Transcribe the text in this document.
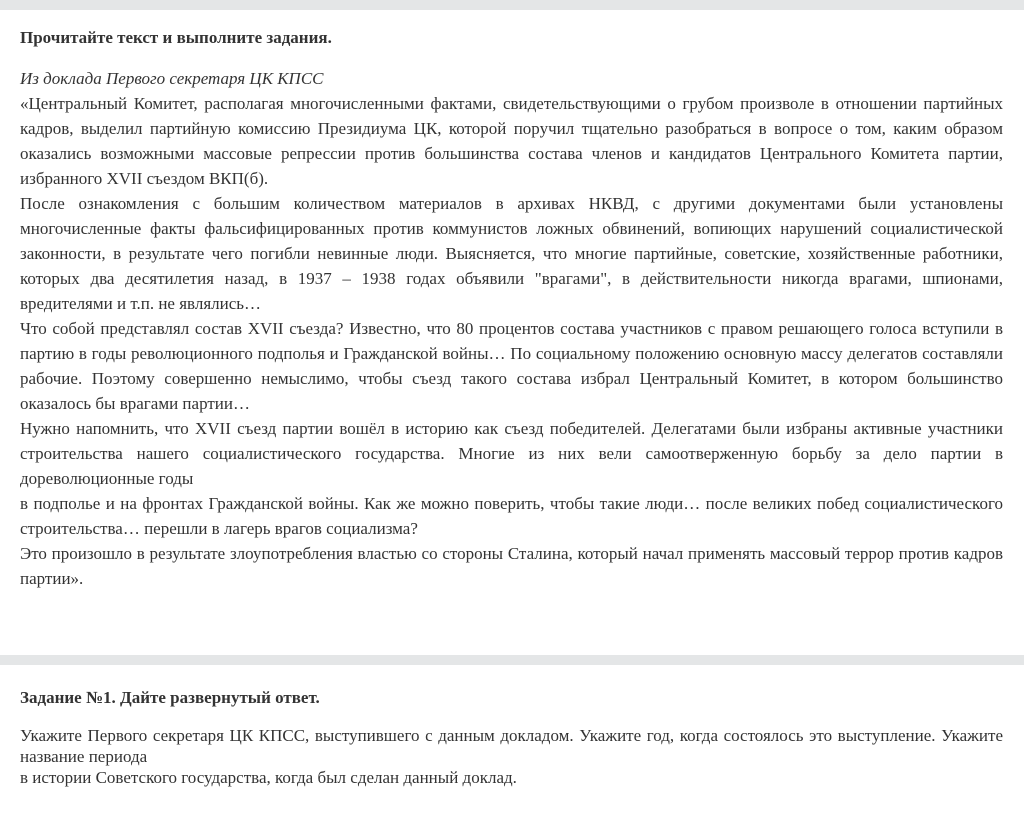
Прочитайте текст и выполните задания.

Из доклада Первого секретаря ЦК КПСС

«Центральный Комитет, располагая многочисленными фактами, свидетельствующими о грубом произволе в отношении партийных кадров, выделил партийную комиссию Президиума ЦК, которой поручил тщательно разобраться в вопросе о том, каким образом оказались возможными массовые репрессии против большинства состава членов и кандидатов Центрального Комитета партии, избранного XVII съездом ВКП(б).

После ознакомления с большим количеством материалов в архивах НКВД, с другими документами были установлены многочисленные факты фальсифицированных против коммунистов ложных обвинений, вопиющих нарушений социалистической законности, в результате чего погибли невинные люди. Выясняется, что многие партийные, советские, хозяйственные работники, которых два десятилетия назад, в 1937 – 1938 годах объявили "врагами", в действительности никогда врагами, шпионами, вредителями и т.п. не являлись…

Что собой представлял состав XVII съезда? Известно, что 80 процентов состава участников с правом решающего голоса вступили в партию в годы революционного подполья и Гражданской войны… По социальному положению основную массу делегатов составляли рабочие. Поэтому совершенно немыслимо, чтобы съезд такого состава избрал Центральный Комитет, в котором большинство оказалось бы врагами партии…

Нужно напомнить, что XVII съезд партии вошёл в историю как съезд победителей. Делегатами были избраны активные участники строительства нашего социалистического государства. Многие из них вели самоотверженную борьбу за дело партии в дореволюционные годы

в подполье и на фронтах Гражданской войны. Как же можно поверить, чтобы такие люди… после великих побед социалистического строительства… перешли в лагерь врагов социализма?

Это произошло в результате злоупотребления властью со стороны Сталина, который начал применять массовый террор против кадров партии».

Задание №1. Дайте развернутый ответ.

Укажите Первого секретаря ЦК КПСС, выступившего с данным докладом. Укажите год, когда состоялось это выступление. Укажите название периода

в истории Советского государства, когда был сделан данный доклад.
